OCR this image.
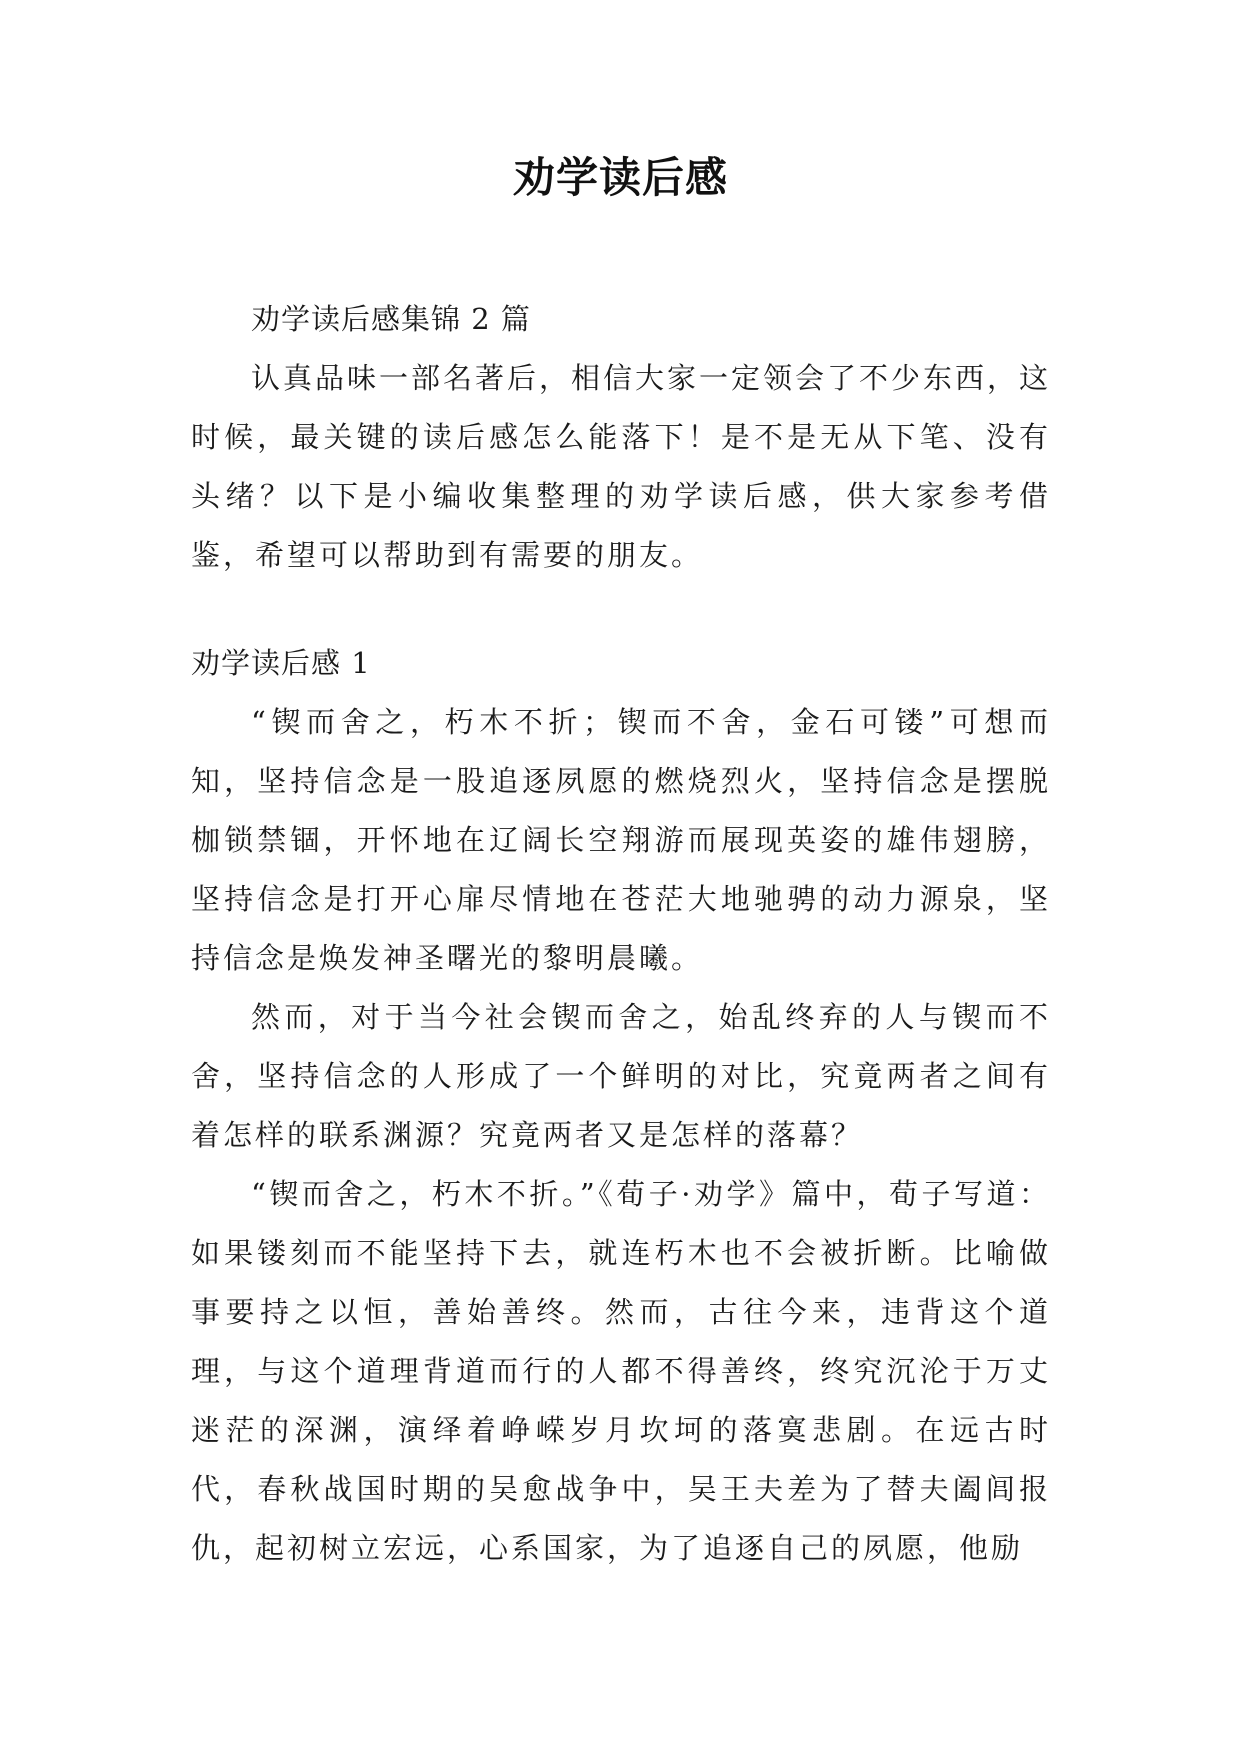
劝学读后感
劝学读后感集锦 2 篇

认真品味一部名著后，相信大家一定领会了不少东西，这时候，最关键的读后感怎么能落下！是不是无从下笔、没有头绪？以下是小编收集整理的劝学读后感，供大家参考借鉴，希望可以帮助到有需要的朋友。

劝学读后感 1

“锲而舍之，朽木不折；锲而不舍，金石可镂”可想而知，坚持信念是一股追逐夙愿的燃烧烈火，坚持信念是摆脱枷锁禁锢，开怀地在辽阔长空翔游而展现英姿的雄伟翅膀，坚持信念是打开心扉尽情地在苍茫大地驰骋的动力源泉，坚持信念是焕发神圣曙光的黎明晨曦。

然而，对于当今社会锲而舍之，始乱终弃的人与锲而不舍，坚持信念的人形成了一个鲜明的对比，究竟两者之间有着怎样的联系渊源？究竟两者又是怎样的落幕？

“锲而舍之，朽木不折。”《荀子·劝学》篇中，荀子写道：如果镂刻而不能坚持下去，就连朽木也不会被折断。比喻做事要持之以恒，善始善终。然而，古往今来，违背这个道理，与这个道理背道而行的人都不得善终，终究沉沦于万丈迷茫的深渊，演绎着峥嵘岁月坎坷的落寞悲剧。在远古时代，春秋战国时期的吴愈战争中，吴王夫差为了替夫阖闾报仇，起初树立宏远，心系国家，为了追逐自己的夙愿，他励
